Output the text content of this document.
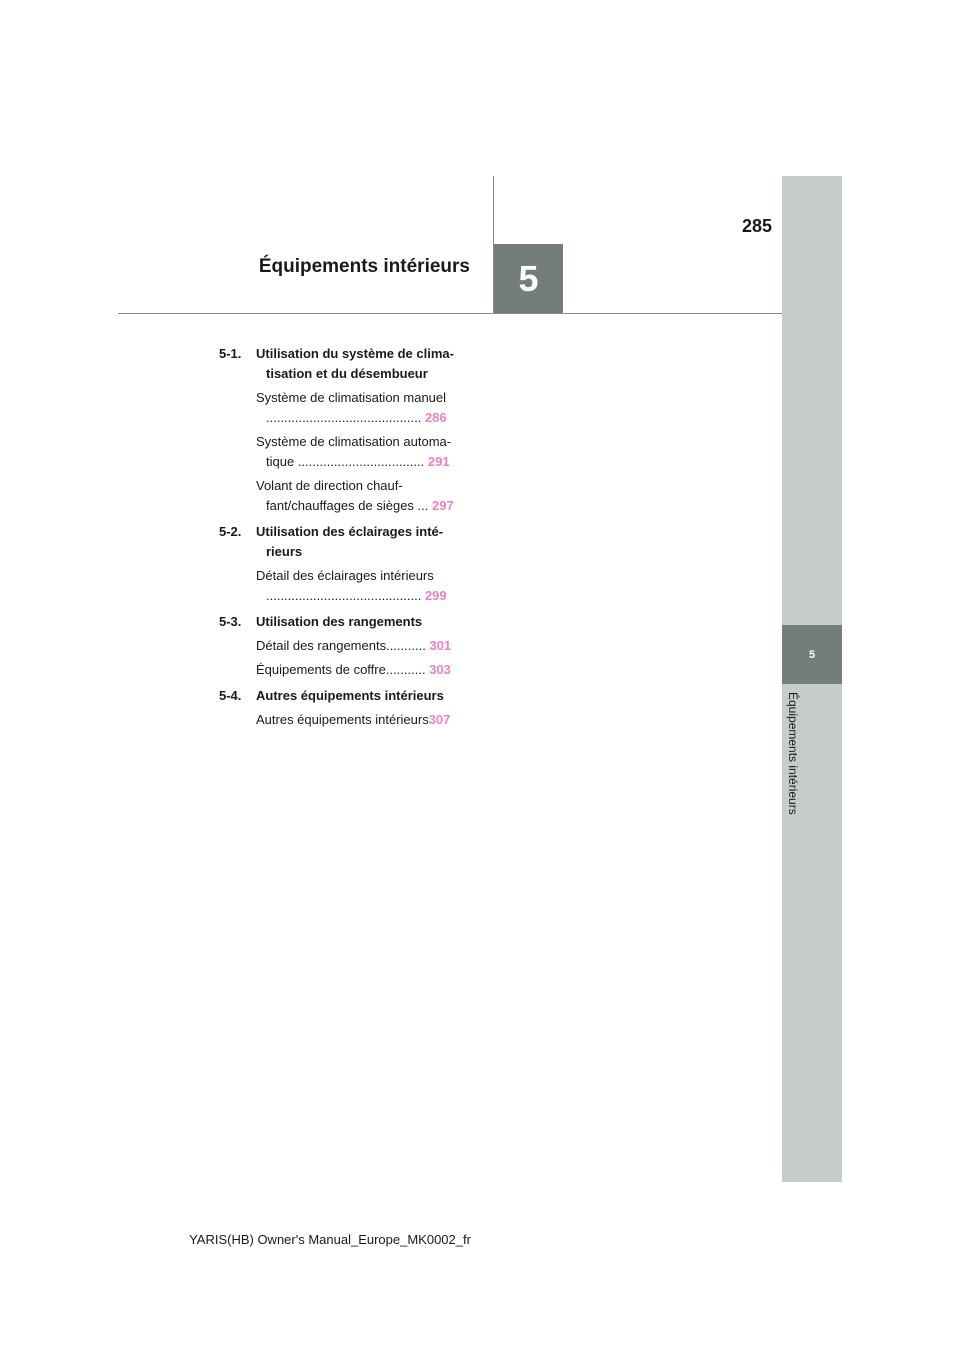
285
Équipements intérieurs 5
5
Équipements intérieurs
5-1.	Utilisation du système de clima-
tisation et du désembueur
Système de climatisation manuel
........................................... 286
Système de climatisation automa-
tique ................................... 291
Volant de direction chauf-
fant/chauffages de sièges ... 297
5-2.	Utilisation des éclairages inté-
rieurs
Détail des éclairages intérieurs
........................................... 299
5-3.	Utilisation des rangements
Détail des rangements........... 301
Équipements de coffre........... 303
5-4.	Autres équipements intérieurs
Autres équipements intérieurs307
YARIS(HB) Owner's Manual_Europe_MK0002_fr
